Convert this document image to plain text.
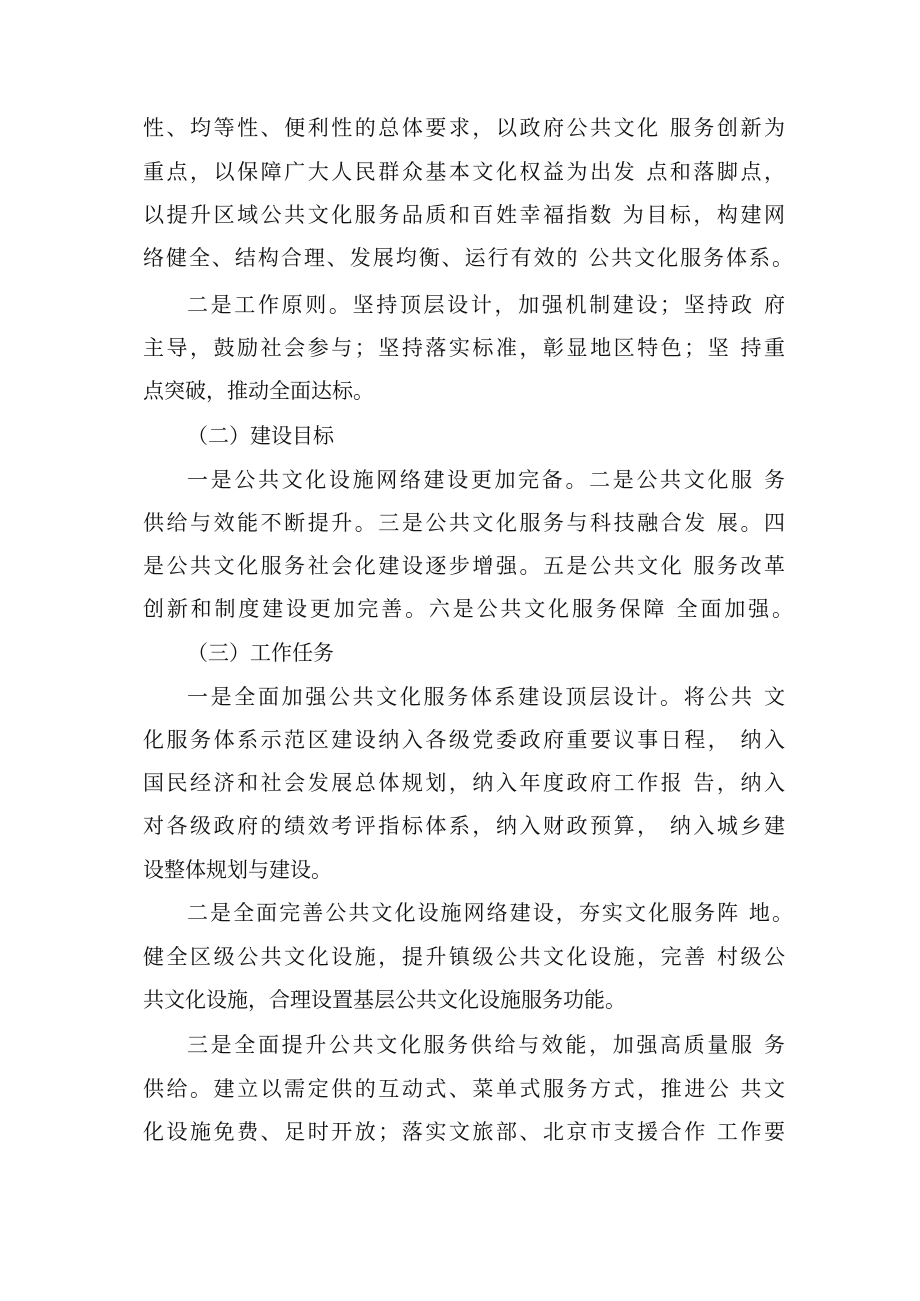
性、均等性、便利性的总体要求，以政府公共文化 服务创新为
重点，以保障广大人民群众基本文化权益为出发 点和落脚点，
以提升区域公共文化服务品质和百姓幸福指数 为目标，构建网
络健全、结构合理、发展均衡、运行有效的 公共文化服务体系。
二是工作原则。坚持顶层设计，加强机制建设；坚持政 府
主导，鼓励社会参与；坚持落实标准，彰显地区特色；坚 持重
点突破，推动全面达标。
（二）建设目标
一是公共文化设施网络建设更加完备。二是公共文化服 务
供给与效能不断提升。三是公共文化服务与科技融合发 展。四
是公共文化服务社会化建设逐步增强。五是公共文化 服务改革
创新和制度建设更加完善。六是公共文化服务保障 全面加强。
（三）工作任务
一是全面加强公共文化服务体系建设顶层设计。将公共 文
化服务体系示范区建设纳入各级党委政府重要议事日程， 纳入
国民经济和社会发展总体规划，纳入年度政府工作报 告，纳入
对各级政府的绩效考评指标体系，纳入财政预算， 纳入城乡建
设整体规划与建设。
二是全面完善公共文化设施网络建设，夯实文化服务阵 地。
健全区级公共文化设施，提升镇级公共文化设施，完善 村级公
共文化设施，合理设置基层公共文化设施服务功能。
三是全面提升公共文化服务供给与效能，加强高质量服 务
供给。建立以需定供的互动式、菜单式服务方式，推进公 共文
化设施免费、足时开放；落实文旅部、北京市支援合作 工作要
